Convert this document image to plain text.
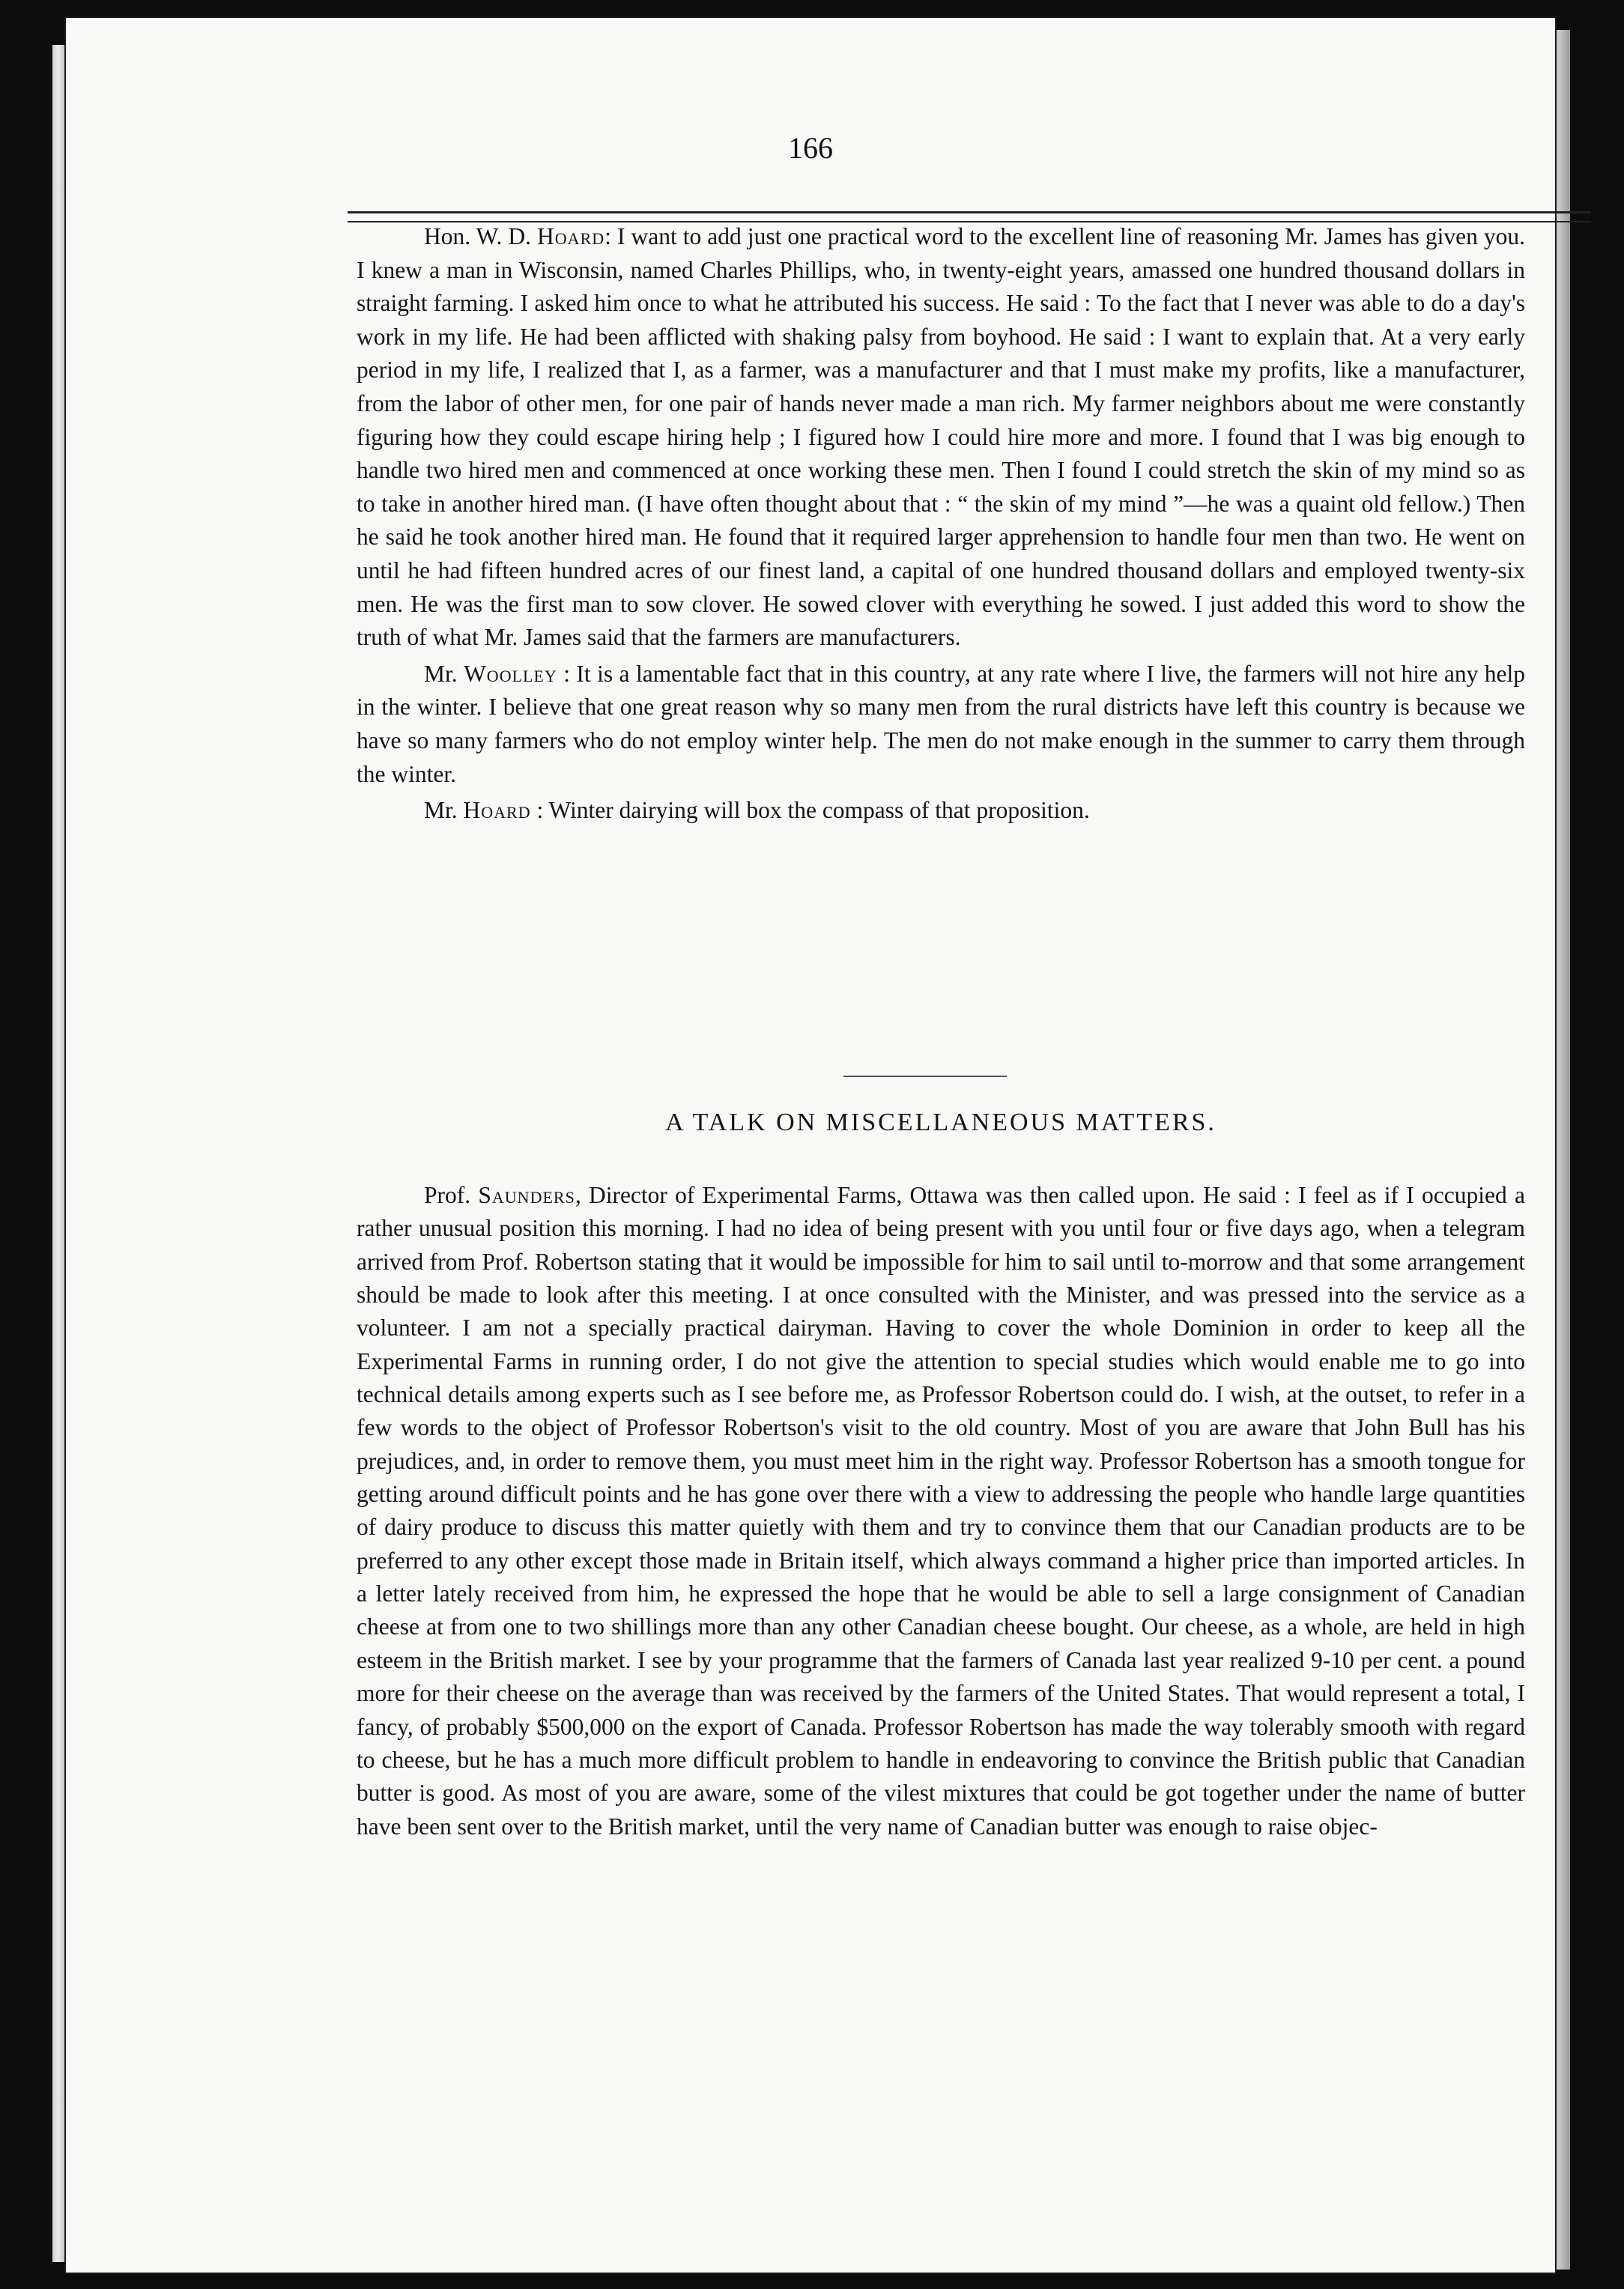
166

Hon. W. D. Hoard: I want to add just one practical word to the excellent line of reasoning Mr. James has given you. I knew a man in Wisconsin, named Charles Phillips, who, in twenty-eight years, amassed one hundred thousand dollars in straight farming. I asked him once to what he attributed his success. He said : To the fact that I never was able to do a day's work in my life. He had been afflicted with shaking palsy from boyhood. He said : I want to explain that. At a very early period in my life, I realized that I, as a farmer, was a manufacturer and that I must make my profits, like a manufacturer, from the labor of other men, for one pair of hands never made a man rich. My farmer neighbors about me were constantly figuring how they could escape hiring help ; I figured how I could hire more and more. I found that I was big enough to handle two hired men and commenced at once working these men. Then I found I could stretch the skin of my mind so as to take in another hired man. (I have often thought about that : “ the skin of my mind ”—he was a quaint old fellow.) Then he said he took another hired man. He found that it required larger apprehension to handle four men than two. He went on until he had fifteen hundred acres of our finest land, a capital of one hundred thousand dollars and employed twenty-six men. He was the first man to sow clover. He sowed clover with everything he sowed. I just added this word to show the truth of what Mr. James said that the farmers are manufacturers.

Mr. Woolley : It is a lamentable fact that in this country, at any rate where I live, the farmers will not hire any help in the winter. I believe that one great reason why so many men from the rural districts have left this country is because we have so many farmers who do not employ winter help. The men do not make enough in the summer to carry them through the winter.

Mr. Hoard : Winter dairying will box the compass of that proposition.

A TALK ON MISCELLANEOUS MATTERS.

Prof. Saunders, Director of Experimental Farms, Ottawa was then called upon. He said : I feel as if I occupied a rather unusual position this morning. I had no idea of being present with you until four or five days ago, when a telegram arrived from Prof. Robertson stating that it would be impossible for him to sail until to-morrow and that some arrangement should be made to look after this meeting. I at once consulted with the Minister, and was pressed into the service as a volunteer. I am not a specially practical dairyman. Having to cover the whole Dominion in order to keep all the Experimental Farms in running order, I do not give the attention to special studies which would enable me to go into technical details among experts such as I see before me, as Professor Robertson could do. I wish, at the outset, to refer in a few words to the object of Professor Robertson's visit to the old country. Most of you are aware that John Bull has his prejudices, and, in order to remove them, you must meet him in the right way. Professor Robertson has a smooth tongue for getting around difficult points and he has gone over there with a view to addressing the people who handle large quantities of dairy produce to discuss this matter quietly with them and try to convince them that our Canadian products are to be preferred to any other except those made in Britain itself, which always command a higher price than imported articles. In a letter lately received from him, he expressed the hope that he would be able to sell a large consignment of Canadian cheese at from one to two shillings more than any other Canadian cheese bought. Our cheese, as a whole, are held in high esteem in the British market. I see by your programme that the farmers of Canada last year realized 9-10 per cent. a pound more for their cheese on the average than was received by the farmers of the United States. That would represent a total, I fancy, of probably $500,000 on the export of Canada. Professor Robertson has made the way tolerably smooth with regard to cheese, but he has a much more difficult problem to handle in endeavoring to convince the British public that Canadian butter is good. As most of you are aware, some of the vilest mixtures that could be got together under the name of butter have been sent over to the British market, until the very name of Canadian butter was enough to raise objec-
